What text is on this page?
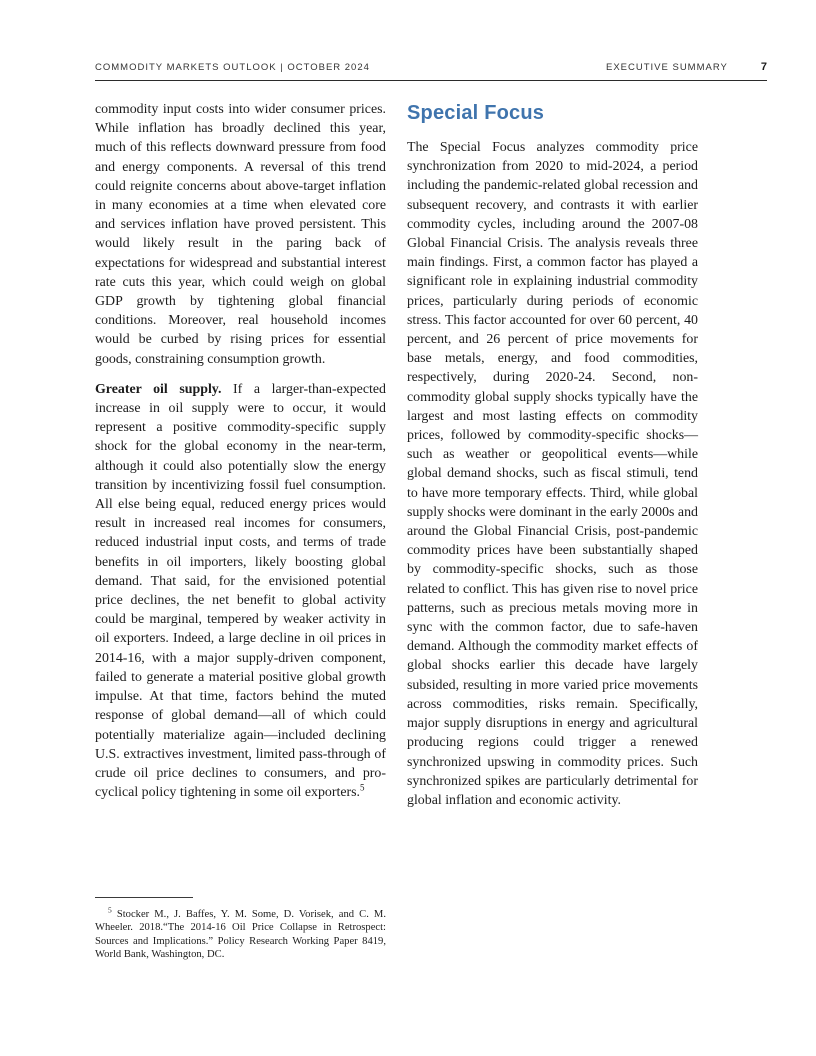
COMMODITY MARKETS OUTLOOK | OCTOBER 2024	EXECUTIVE SUMMARY	7

commodity input costs into wider consumer prices. While inflation has broadly declined this year, much of this reflects downward pressure from food and energy components. A reversal of this trend could reignite concerns about above-target inflation in many economies at a time when elevated core and services inflation have proved persistent. This would likely result in the paring back of expectations for widespread and substantial interest rate cuts this year, which could weigh on global GDP growth by tightening global financial conditions. Moreover, real household incomes would be curbed by rising prices for essential goods, constraining consumption growth.

Greater oil supply. If a larger-than-expected increase in oil supply were to occur, it would represent a positive commodity-specific supply shock for the global economy in the near-term, although it could also potentially slow the energy transition by incentivizing fossil fuel consumption. All else being equal, reduced energy prices would result in increased real incomes for consumers, reduced industrial input costs, and terms of trade benefits in oil importers, likely boosting global demand. That said, for the envisioned potential price declines, the net benefit to global activity could be marginal, tempered by weaker activity in oil exporters. Indeed, a large decline in oil prices in 2014-16, with a major supply-driven component, failed to generate a material positive global growth impulse. At that time, factors behind the muted response of global demand—all of which could potentially materialize again—included declining U.S. extractives investment, limited pass-through of crude oil price declines to consumers, and pro-cyclical policy tightening in some oil exporters.$^5$

Special Focus

The Special Focus analyzes commodity price synchronization from 2020 to mid-2024, a period including the pandemic-related global recession and subsequent recovery, and contrasts it with earlier commodity cycles, including around the 2007-08 Global Financial Crisis. The analysis reveals three main findings. First, a common factor has played a significant role in explaining industrial commodity prices, particularly during periods of economic stress. This factor accounted for over 60 percent, 40 percent, and 26 percent of price movements for base metals, energy, and food commodities, respectively, during 2020-24. Second, non-commodity global supply shocks typically have the largest and most lasting effects on commodity prices, followed by commodity-specific shocks—such as weather or geopolitical events—while global demand shocks, such as fiscal stimuli, tend to have more temporary effects. Third, while global supply shocks were dominant in the early 2000s and around the Global Financial Crisis, post-pandemic commodity prices have been substantially shaped by commodity-specific shocks, such as those related to conflict. This has given rise to novel price patterns, such as precious metals moving more in sync with the common factor, due to safe-haven demand. Although the commodity market effects of global shocks earlier this decade have largely subsided, resulting in more varied price movements across commodities, risks remain. Specifically, major supply disruptions in energy and agricultural producing regions could trigger a renewed synchronized upswing in commodity prices. Such synchronized spikes are particularly detrimental for global inflation and economic activity.

$^5$ Stocker M., J. Baffes, Y. M. Some, D. Vorisek, and C. M. Wheeler. 2018.“The 2014-16 Oil Price Collapse in Retrospect: Sources and Implications.” Policy Research Working Paper 8419, World Bank, Washington, DC.
